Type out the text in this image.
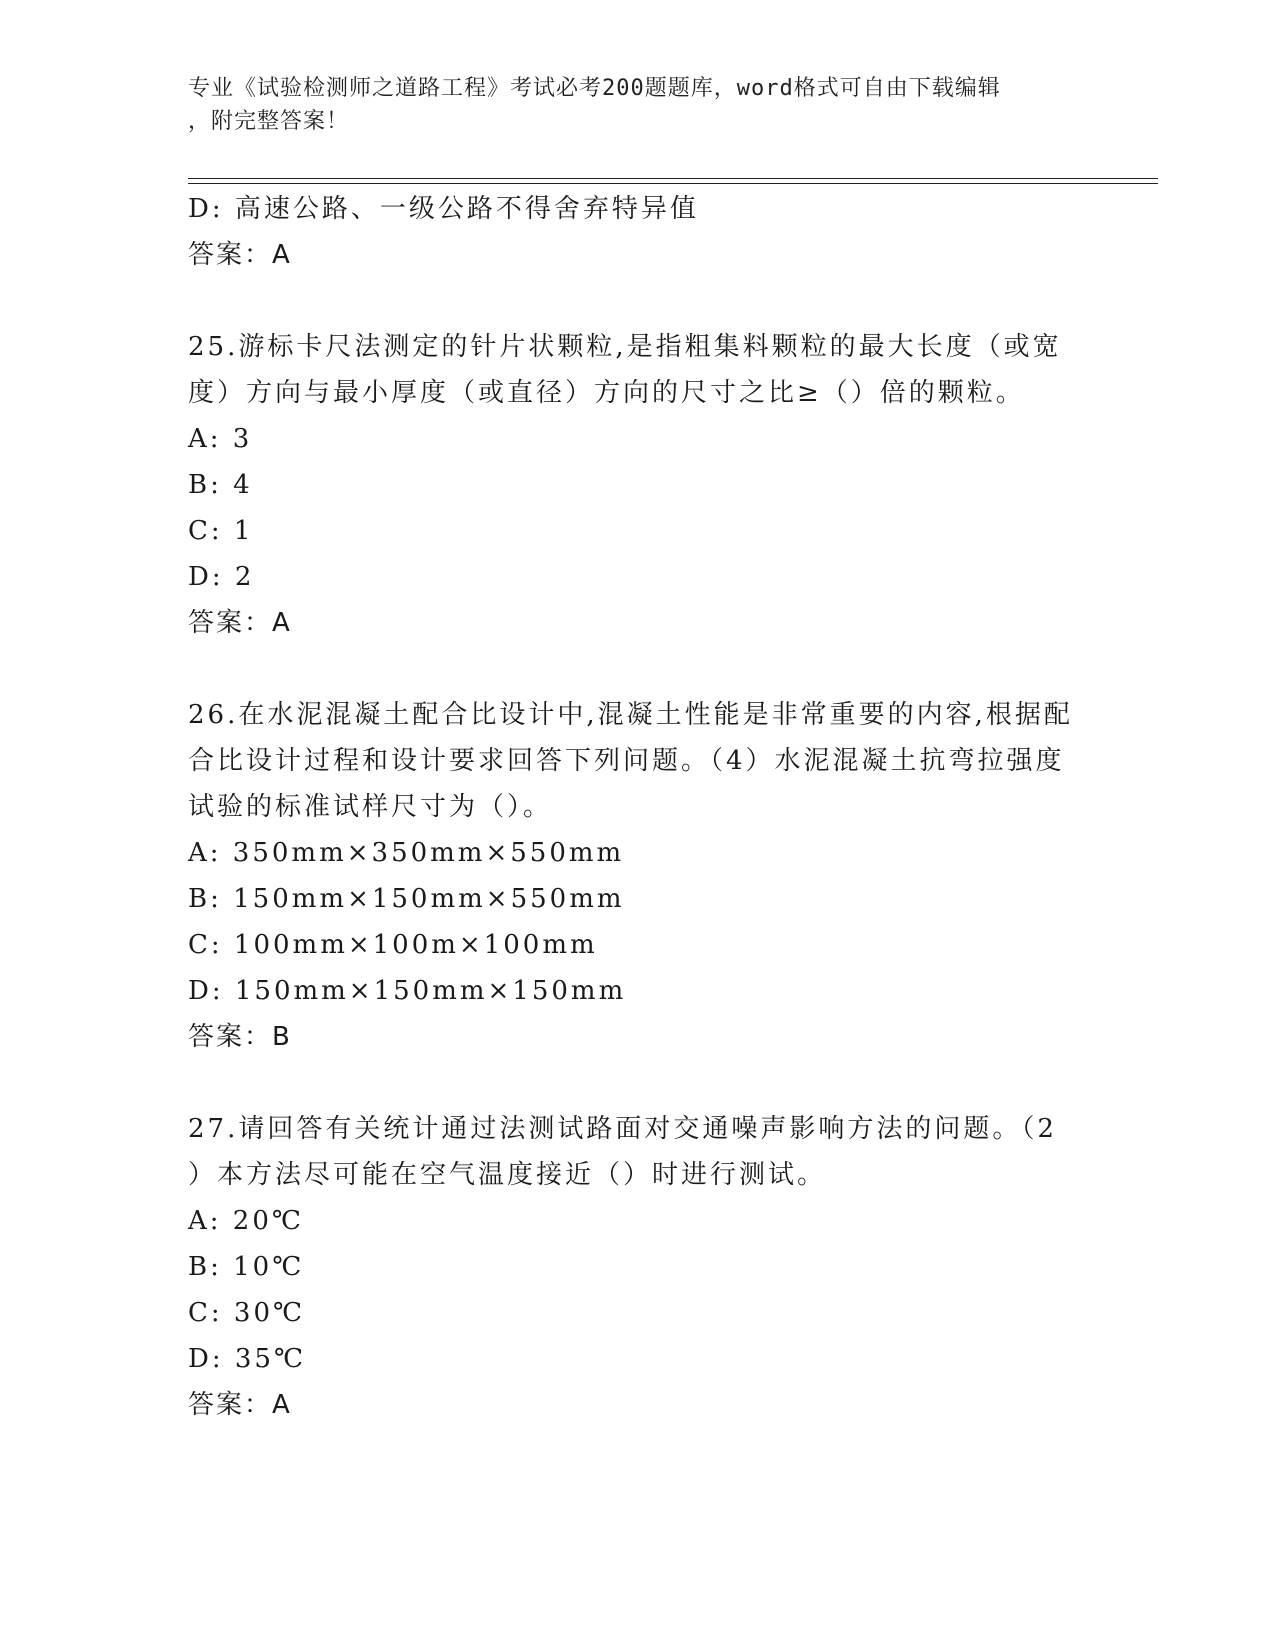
专业《试验检测师之道路工程》考试必考200题题库，word格式可自由下载编辑
，附完整答案！
D: 高速公路、一级公路不得舍弃特异值
答案：A
25.游标卡尺法测定的针片状颗粒,是指粗集料颗粒的最大长度（或宽
度）方向与最小厚度（或直径）方向的尺寸之比≥（）倍的颗粒。
A: 3
B: 4
C: 1
D: 2
答案：A
26.在水泥混凝土配合比设计中,混凝土性能是非常重要的内容,根据配
合比设计过程和设计要求回答下列问题。（4）水泥混凝土抗弯拉强度
试验的标准试样尺寸为（）。
A: 350mm×350mm×550mm
B: 150mm×150mm×550mm
C: 100mm×100m×100mm
D: 150mm×150mm×150mm
答案：B
27.请回答有关统计通过法测试路面对交通噪声影响方法的问题。（2
）本方法尽可能在空气温度接近（）时进行测试。
A: 20℃
B: 10℃
C: 30℃
D: 35℃
答案：A
